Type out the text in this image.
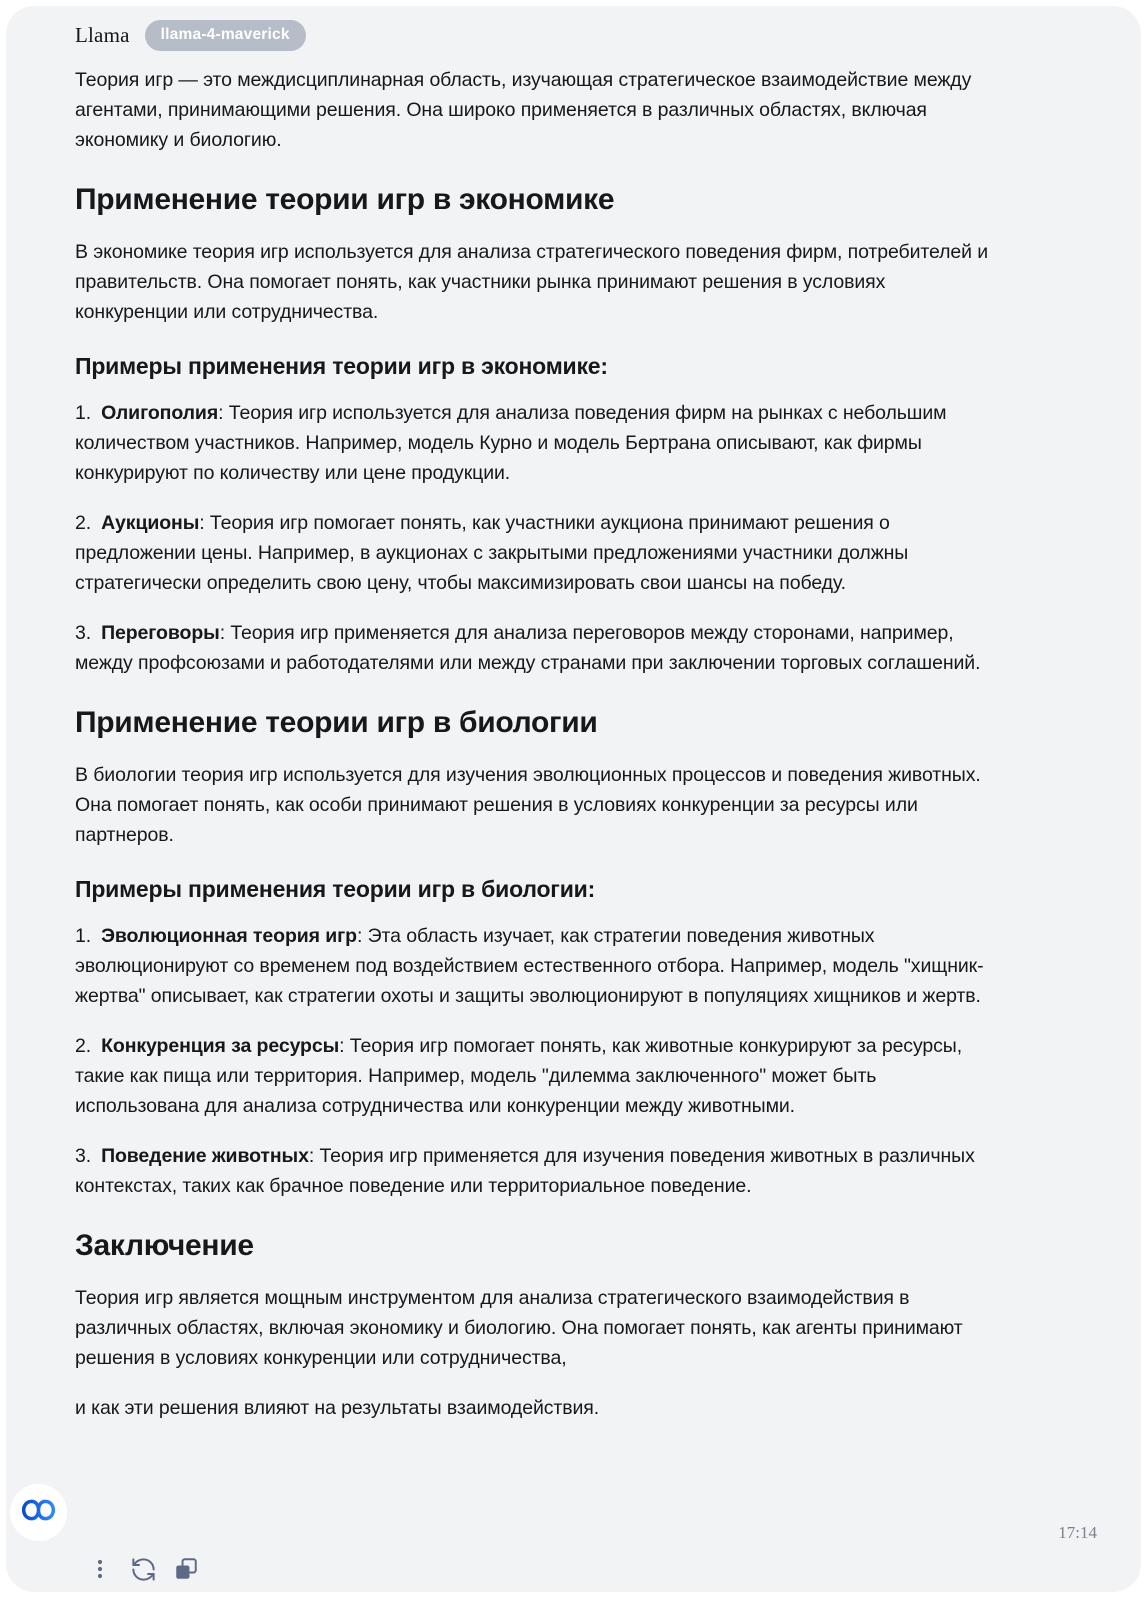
Llama	llama-4-maverick

Теория игр — это междисциплинарная область, изучающая стратегическое взаимодействие между агентами, принимающими решения. Она широко применяется в различных областях, включая экономику и биологию.

Применение теории игр в экономике

В экономике теория игр используется для анализа стратегического поведения фирм, потребителей и правительств. Она помогает понять, как участники рынка принимают решения в условиях конкуренции или сотрудничества.

Примеры применения теории игр в экономике:

1. Олигополия: Теория игр используется для анализа поведения фирм на рынках с небольшим количеством участников. Например, модель Курно и модель Бертрана описывают, как фирмы конкурируют по количеству или цене продукции.

2. Аукционы: Теория игр помогает понять, как участники аукциона принимают решения о предложении цены. Например, в аукционах с закрытыми предложениями участники должны стратегически определить свою цену, чтобы максимизировать свои шансы на победу.

3. Переговоры: Теория игр применяется для анализа переговоров между сторонами, например, между профсоюзами и работодателями или между странами при заключении торговых соглашений.

Применение теории игр в биологии

В биологии теория игр используется для изучения эволюционных процессов и поведения животных. Она помогает понять, как особи принимают решения в условиях конкуренции за ресурсы или партнеров.

Примеры применения теории игр в биологии:

1. Эволюционная теория игр: Эта область изучает, как стратегии поведения животных эволюционируют со временем под воздействием естественного отбора. Например, модель "хищник-жертва" описывает, как стратегии охоты и защиты эволюционируют в популяциях хищников и жертв.

2. Конкуренция за ресурсы: Теория игр помогает понять, как животные конкурируют за ресурсы, такие как пища или территория. Например, модель "дилемма заключенного" может быть использована для анализа сотрудничества или конкуренции между животными.

3. Поведение животных: Теория игр применяется для изучения поведения животных в различных контекстах, таких как брачное поведение или территориальное поведение.

Заключение

Теория игр является мощным инструментом для анализа стратегического взаимодействия в различных областях, включая экономику и биологию. Она помогает понять, как агенты принимают решения в условиях конкуренции или сотрудничества,

и как эти решения влияют на результаты взаимодействия.

17:14
